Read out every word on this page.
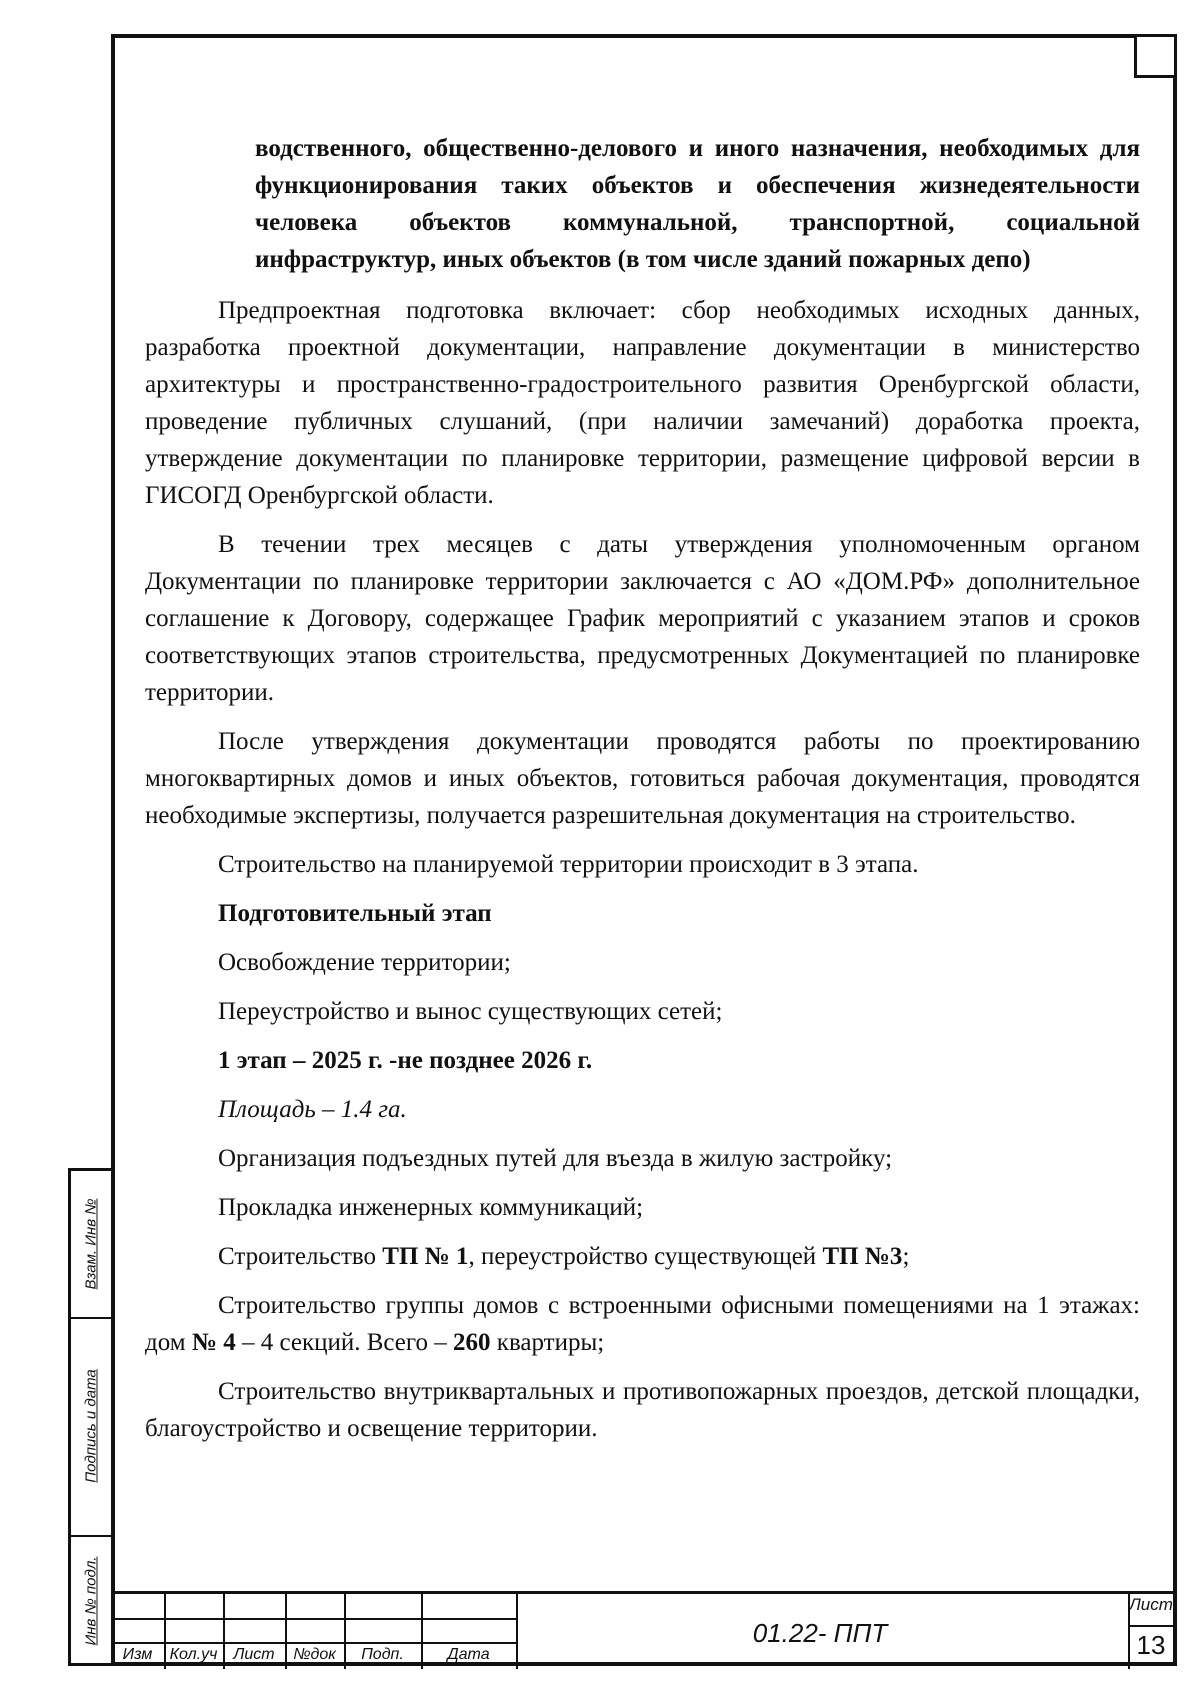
водственного, общественно-делового и иного назначения, необходимых для функционирования таких объектов и обеспечения жизнедеятельности человека объектов коммунальной, транспортной, социальной инфраструктур, иных объектов (в том числе зданий пожарных депо)

Предпроектная подготовка включает: сбор необходимых исходных данных, разработка проектной документации, направление документации в министерство архитектуры и пространственно-градостроительного развития Оренбургской области, проведение публичных слушаний, (при наличии замечаний) доработка проекта, утверждение документации по планировке территории, размещение цифровой версии в ГИСОГД Оренбургской области.

В течении трех месяцев с даты утверждения уполномоченным органом Документации по планировке территории заключается с АО «ДОМ.РФ» дополнительное соглашение к Договору, содержащее График мероприятий с указанием этапов и сроков соответствующих этапов строительства, предусмотренных Документацией по планировке территории.

После утверждения документации проводятся работы по проектированию многоквартирных домов и иных объектов, готовиться рабочая документация, проводятся необходимые экспертизы, получается разрешительная документация на строительство.

Строительство на планируемой территории происходит в 3 этапа.

Подготовительный этап

Освобождение территории;

Переустройство и вынос существующих сетей;

1 этап – 2025 г. -не позднее 2026 г.

Площадь – 1.4 га.

Организация подъездных путей для въезда в жилую застройку;

Прокладка инженерных коммуникаций;

Строительство ТП № 1, переустройство существующей ТП №3;

Строительство группы домов с встроенными офисными помещениями на 1 этажах: дом № 4 – 4 секций. Всего – 260 квартиры;

Строительство внутриквартальных и противопожарных проездов, детской площадки, благоустройство и освещение территории.

Взам. Инв №
Подпись и дата
Инв № подл.
Изм	Кол.уч	Лист	№док	Подп.	Дата
01.22- ППТ
Лист
13
